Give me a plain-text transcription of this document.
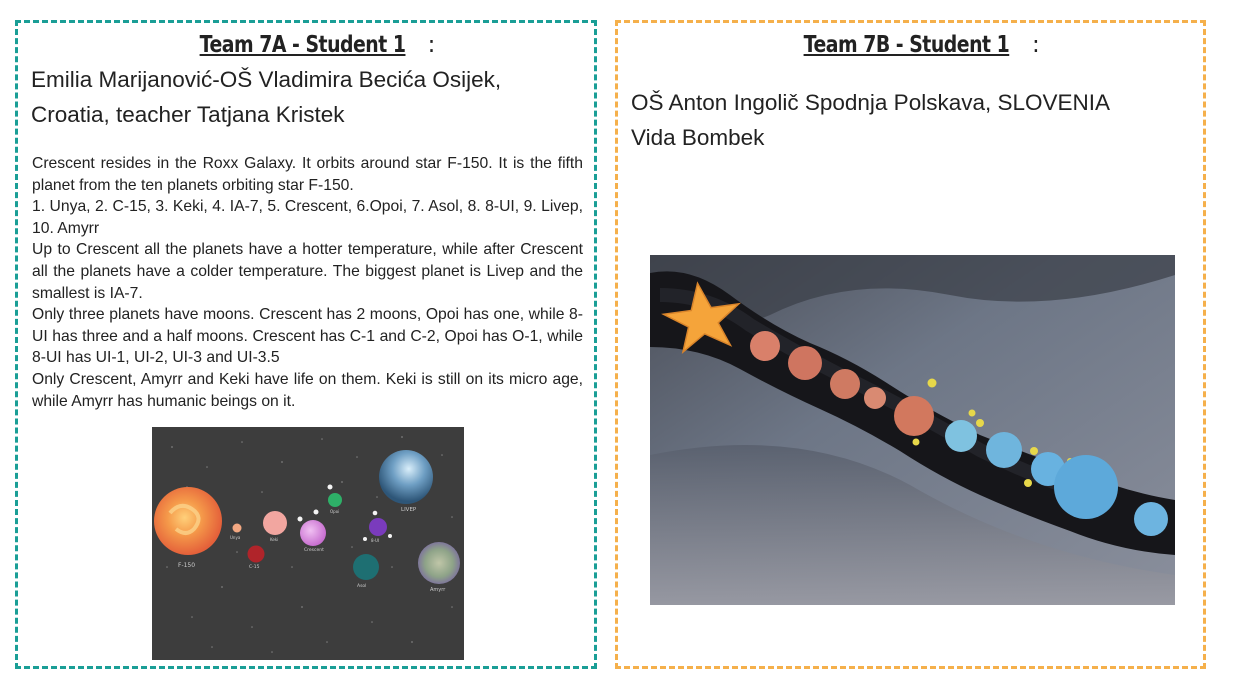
Team 7A - Student 1 :
Emilia Marijanović-OŠ Vladimira Becića Osijek,
Croatia, teacher Tatjana Kristek

Crescent resides in the Roxx Galaxy. It orbits around star F-150. It is the fifth planet from the ten planets orbiting star F-150.

1. Unya, 2. C-15, 3. Keki, 4. IA-7, 5. Crescent, 6.Opoi, 7. Asol, 8. 8-UI, 9. Livep, 10. Amyrr

Up to Crescent all the planets have a hotter temperature, while after Crescent all the planets have a colder temperature. The biggest planet is Livep and the smallest is IA-7.

Only three planets have moons. Crescent has 2 moons, Opoi has one, while 8-UI has three and a half moons. Crescent has C-1 and C-2, Opoi has O-1, while 8-UI has UI-1, UI-2, UI-3 and UI-3.5

Only Crescent, Amyrr and Keki have life on them. Keki is still on its micro age, while Amyrr has humanic beings on it.

F-150
Unya
C-15
Keki
Crescent
Opoi
8-UI
Asol
LIVEP
Amyrr
Team 7B - Student 1 :
OŠ Anton Ingolič Spodnja Polskava, SLOVENIA
Vida Bombek
